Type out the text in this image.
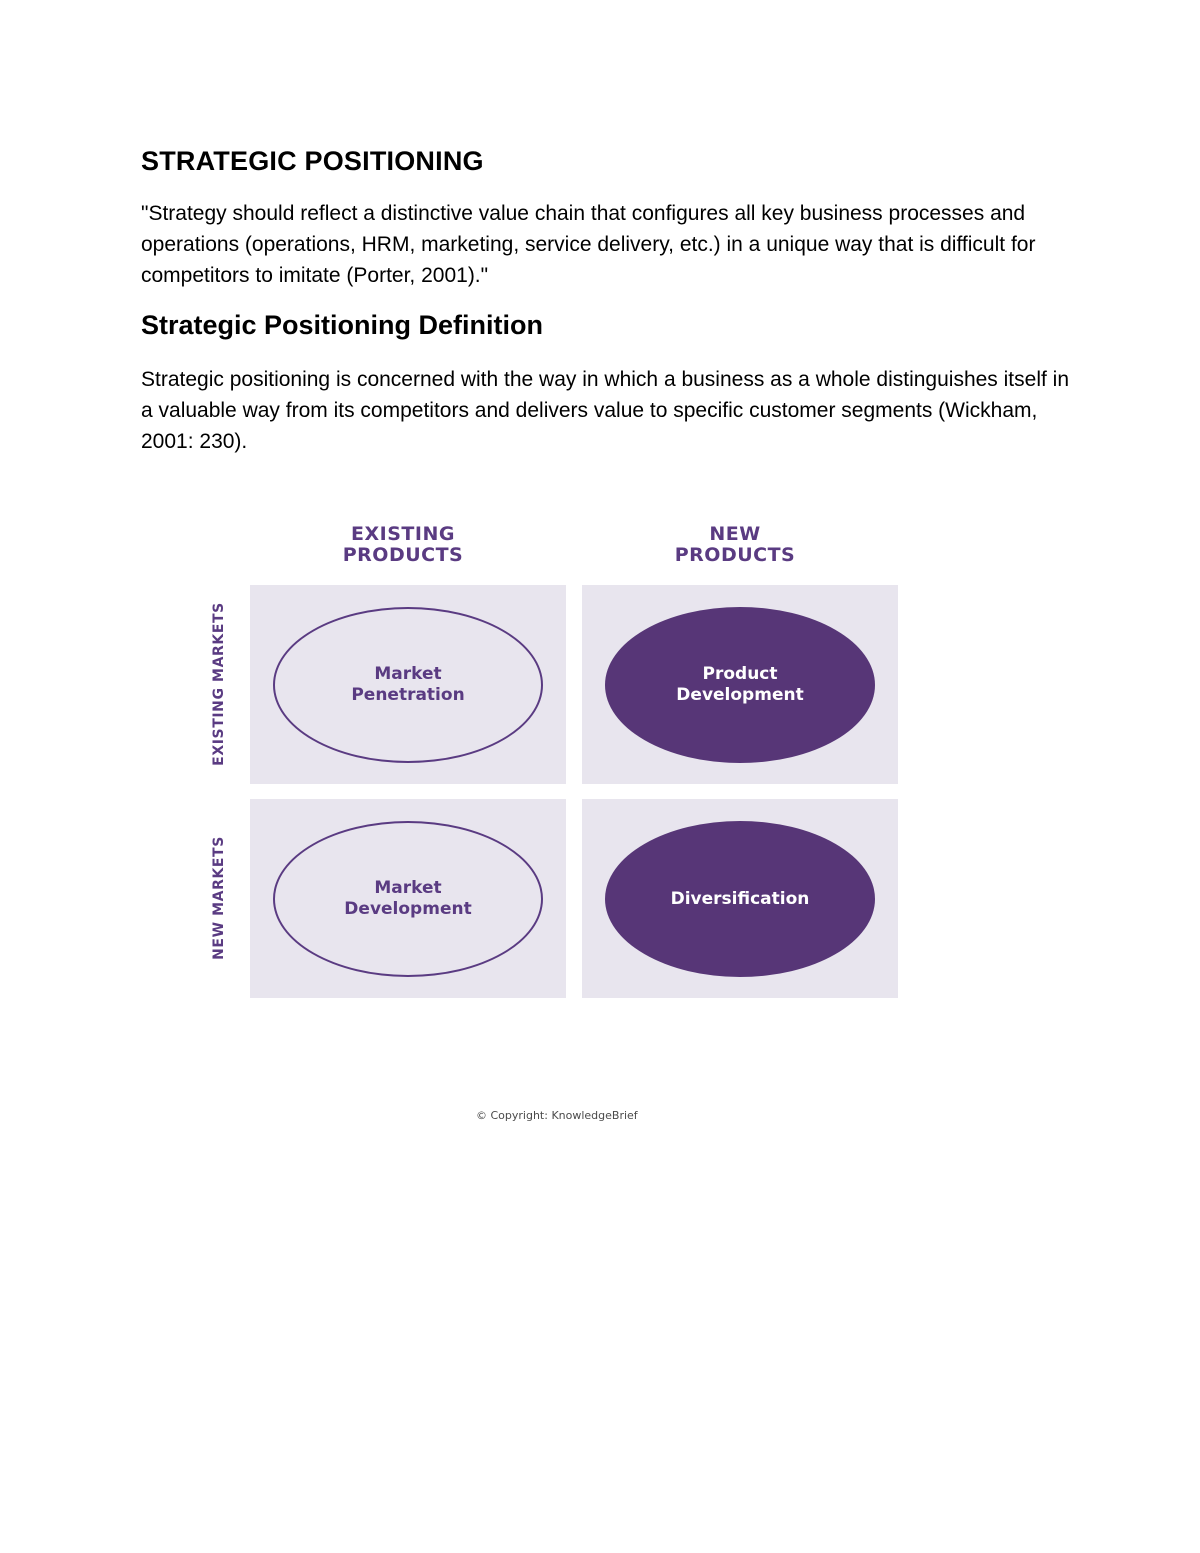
STRATEGIC POSITIONING

"Strategy should reflect a distinctive value chain that configures all key business processes and operations (operations, HRM, marketing, service delivery, etc.) in a unique way that is difficult for competitors to imitate (Porter, 2001)."

Strategic Positioning Definition

Strategic positioning is concerned with the way in which a business as a whole distinguishes itself in a valuable way from its competitors and delivers value to specific customer segments (Wickham, 2001: 230).

EXISTING
PRODUCTS
NEW
PRODUCTS
EXISTING MARKETS
NEW MARKETS
Market
Penetration
Product
Development
Market
Development
Diversification
© Copyright: KnowledgeBrief
